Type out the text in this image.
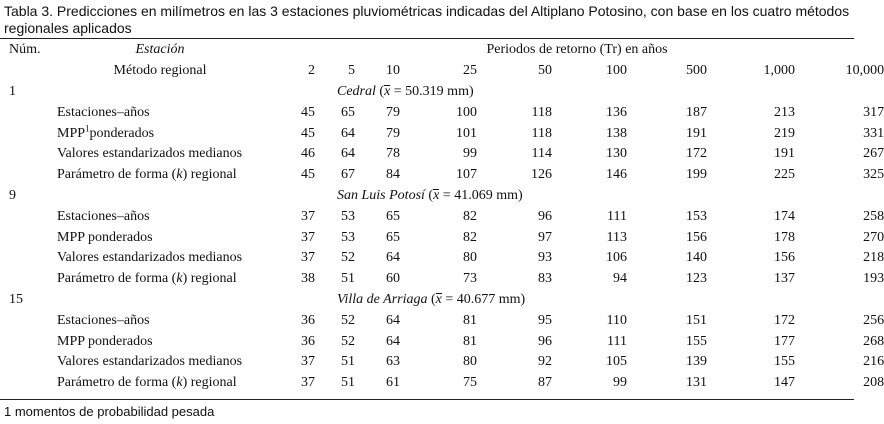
Tabla 3. Predicciones en milímetros en las 3 estaciones pluviométricas indicadas del Altiplano Potosino, con base en los cuatro métodos regionales aplicados
Núm.	Estación	Periodos de retorno (Tr) en años								
	Método regional	2	5	10	25	50	100	500	1,000	10,000
1		Cedral (x = 50.319 mm)								
Estaciones–años		45	65	79	100	118	136	187	213	317
MPP$^1$ponderados		45	64	79	101	118	138	191	219	331
Valores estandarizados medianos		46	64	78	99	114	130	172	191	267
Parámetro de forma (k) regional		45	67	84	107	126	146	199	225	325
9		San Luis Potosí (x = 41.069 mm)								
Estaciones–años		37	53	65	82	96	111	153	174	258
MPP ponderados		37	53	65	82	97	113	156	178	270
Valores estandarizados medianos		37	52	64	80	93	106	140	156	218
Parámetro de forma (k) regional		38	51	60	73	83	94	123	137	193
15		Villa de Arriaga (x = 40.677 mm)								
Estaciones–años		36	52	64	81	95	110	151	172	256
MPP ponderados		36	52	64	81	96	111	155	177	268
Valores estandarizados medianos		37	51	63	80	92	105	139	155	216
Parámetro de forma (k) regional		37	51	61	75	87	99	131	147	208
1 momentos de probabilidad pesada
